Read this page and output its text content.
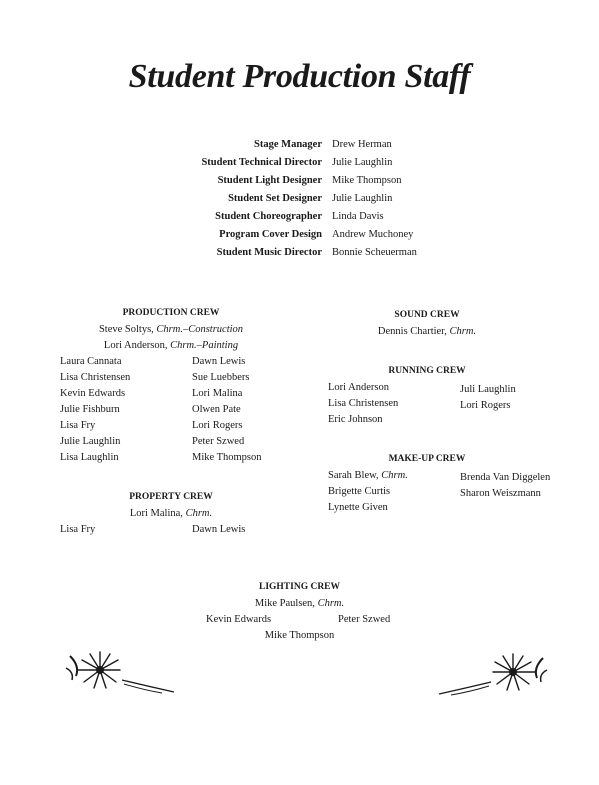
Student Production Staff
Stage Manager Drew Herman
Student Technical Director Julie Laughlin
Student Light Designer Mike Thompson
Student Set Designer Julie Laughlin
Student Choreographer Linda Davis
Program Cover Design Andrew Muchoney
Student Music Director Bonnie Scheuerman
PRODUCTION CREW
Steve Soltys, Chrm.–Construction
Lori Anderson, Chrm.–Painting
Laura Cannata
Lisa Christensen
Kevin Edwards
Julie Fishburn
Lisa Fry
Julie Laughlin
Lisa Laughlin
Dawn Lewis
Sue Luebbers
Lori Malina
Olwen Pate
Lori Rogers
Peter Szwed
Mike Thompson
PROPERTY CREW
Lori Malina, Chrm.
Lisa Fry	Dawn Lewis
SOUND CREW
Dennis Chartier, Chrm.
RUNNING CREW
Lori Anderson
Lisa Christensen
Eric Johnson
Juli Laughlin
Lori Rogers
MAKE-UP CREW
Sarah Blew, Chrm.
Brigette Curtis
Lynette Given
Brenda Van Diggelen
Sharon Weiszmann
LIGHTING CREW
Mike Paulsen, Chrm.
Kevin Edwards	Peter Szwed
Mike Thompson
